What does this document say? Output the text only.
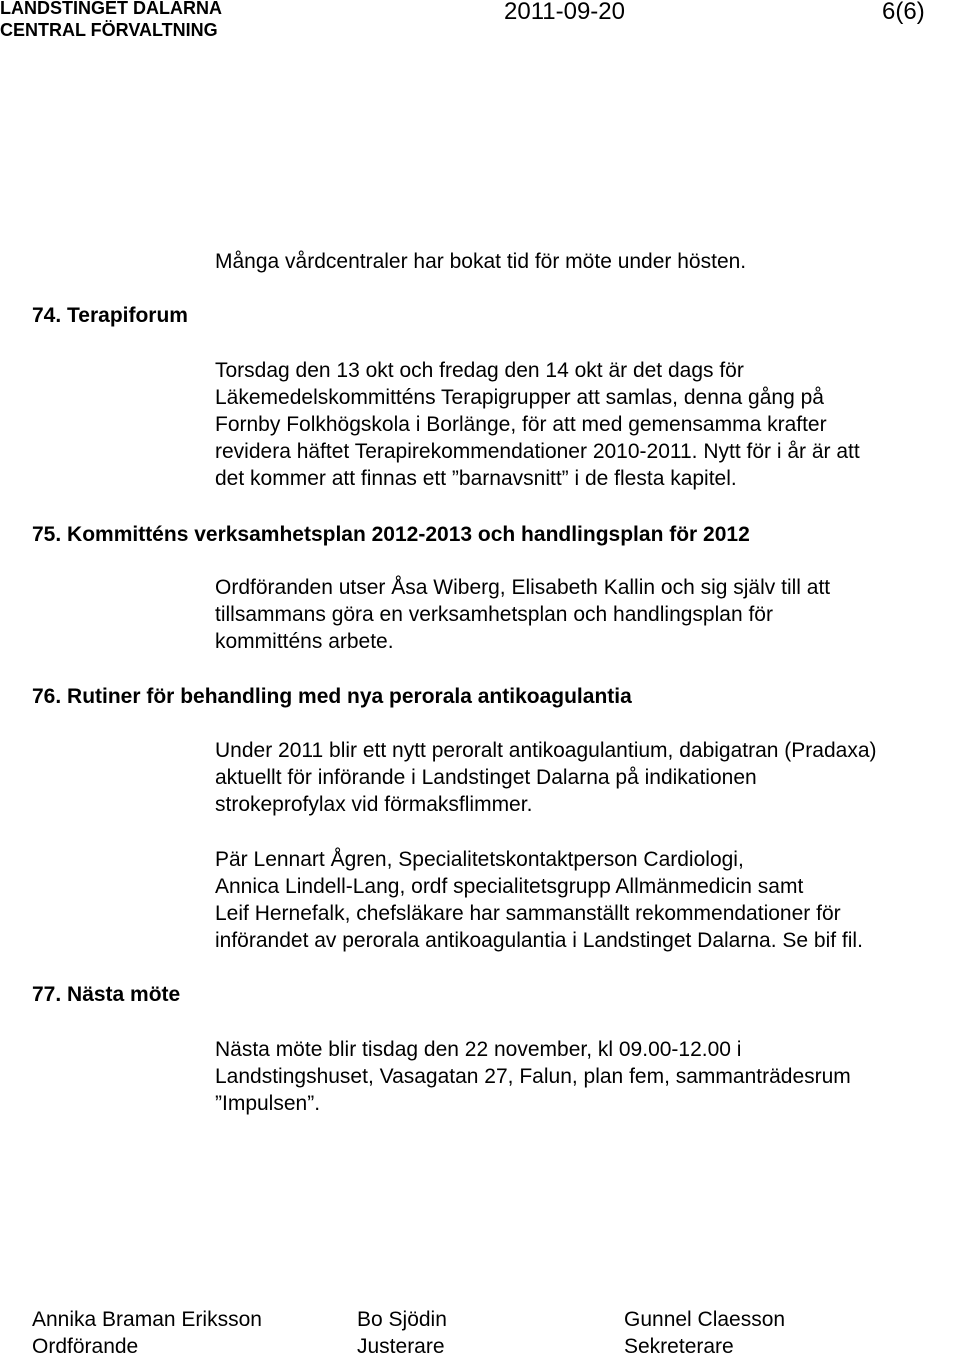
LANDSTINGET DALARNA
CENTRAL FÖRVALTNING
2011-09-20	6(6)
Många vårdcentraler har bokat tid för möte under hösten.
74. Terapiforum
Torsdag den 13 okt och fredag den 14 okt är det dags för
Läkemedelskommitténs Terapigrupper att samlas, denna gång på
Fornby Folkhögskola i Borlänge, för att med gemensamma krafter
revidera häftet Terapirekommendationer 2010-2011. Nytt för i år är att
det kommer att finnas ett ”barnavsnitt” i de flesta kapitel.
75. Kommitténs verksamhetsplan 2012-2013 och handlingsplan för 2012
Ordföranden utser Åsa Wiberg, Elisabeth Kallin och sig själv till att
tillsammans göra en verksamhetsplan och handlingsplan för
kommitténs arbete.
76. Rutiner för behandling med nya perorala antikoagulantia
Under 2011 blir ett nytt peroralt antikoagulantium, dabigatran (Pradaxa)
aktuellt för införande i Landstinget Dalarna på indikationen
strokeprofylax vid förmaksflimmer.
Pär Lennart Ågren, Specialitetskontaktperson Cardiologi,
Annica Lindell-Lang, ordf specialitetsgrupp Allmänmedicin samt
Leif Hernefalk, chefsläkare har sammanställt rekommendationer för
införandet av perorala antikoagulantia i Landstinget Dalarna. Se bif fil.
77. Nästa möte
Nästa möte blir tisdag den 22 november, kl 09.00-12.00 i
Landstingshuset, Vasagatan 27, Falun, plan fem, sammanträdesrum
”Impulsen”.
Annika Braman Eriksson
Ordförande
Bo Sjödin
Justerare
Gunnel Claesson
Sekreterare
